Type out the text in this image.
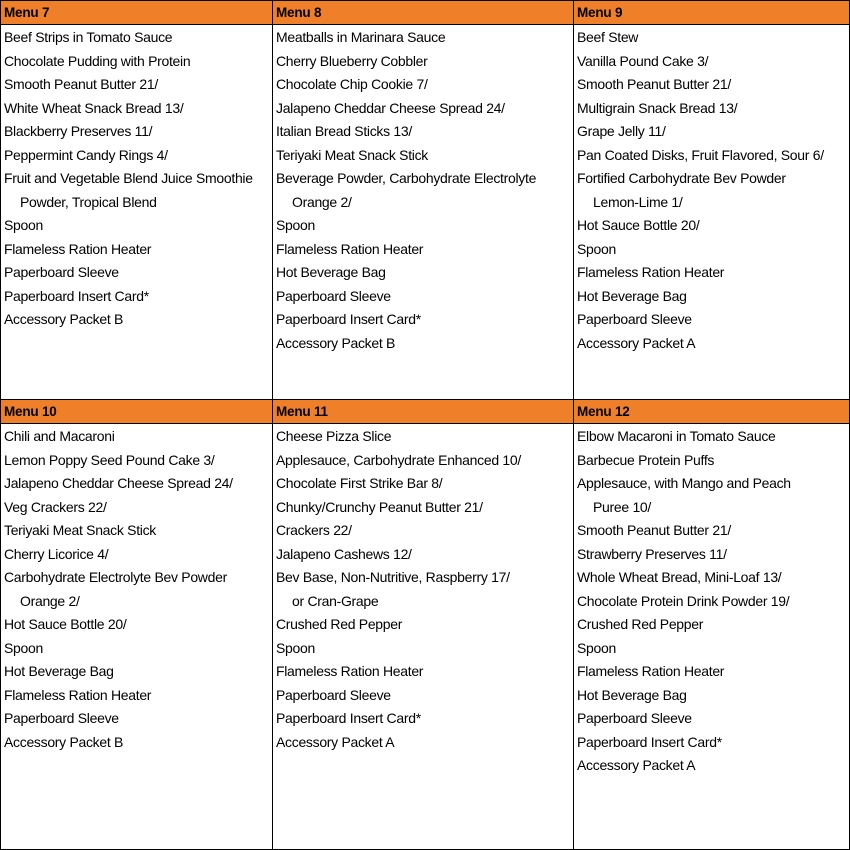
Menu 7
Beef Strips in Tomato Sauce
Chocolate Pudding with Protein
Smooth Peanut Butter 21/
White Wheat Snack Bread 13/
Blackberry Preserves 11/
Peppermint Candy Rings 4/
Fruit and Vegetable Blend Juice Smoothie
Powder, Tropical Blend
Spoon
Flameless Ration Heater
Paperboard Sleeve
Paperboard Insert Card*
Accessory Packet B
Menu 8
Meatballs in Marinara Sauce
Cherry Blueberry Cobbler
Chocolate Chip Cookie 7/
Jalapeno Cheddar Cheese Spread 24/
Italian Bread Sticks 13/
Teriyaki Meat Snack Stick
Beverage Powder, Carbohydrate Electrolyte
Orange 2/
Spoon
Flameless Ration Heater
Hot Beverage Bag
Paperboard Sleeve
Paperboard Insert Card*
Accessory Packet B
Menu 9
Beef Stew
Vanilla Pound Cake 3/
Smooth Peanut Butter 21/
Multigrain Snack Bread 13/
Grape Jelly 11/
Pan Coated Disks, Fruit Flavored, Sour 6/
Fortified Carbohydrate Bev Powder
Lemon-Lime 1/
Hot Sauce Bottle 20/
Spoon
Flameless Ration Heater
Hot Beverage Bag
Paperboard Sleeve
Accessory Packet A
Menu 10
Chili and Macaroni
Lemon Poppy Seed Pound Cake 3/
Jalapeno Cheddar Cheese Spread 24/
Veg Crackers 22/
Teriyaki Meat Snack Stick
Cherry Licorice 4/
Carbohydrate Electrolyte Bev Powder
Orange 2/
Hot Sauce Bottle 20/
Spoon
Hot Beverage Bag
Flameless Ration Heater
Paperboard Sleeve
Accessory Packet B
Menu 11
Cheese Pizza Slice
Applesauce, Carbohydrate Enhanced 10/
Chocolate First Strike Bar 8/
Chunky/Crunchy Peanut Butter 21/
Crackers 22/
Jalapeno Cashews 12/
Bev Base, Non-Nutritive, Raspberry 17/
or Cran-Grape
Crushed Red Pepper
Spoon
Flameless Ration Heater
Paperboard Sleeve
Paperboard Insert Card*
Accessory Packet A
Menu 12
Elbow Macaroni in Tomato Sauce
Barbecue Protein Puffs
Applesauce, with Mango and Peach
Puree 10/
Smooth Peanut Butter 21/
Strawberry Preserves 11/
Whole Wheat Bread, Mini-Loaf 13/
Chocolate Protein Drink Powder 19/
Crushed Red Pepper
Spoon
Flameless Ration Heater
Hot Beverage Bag
Paperboard Sleeve
Paperboard Insert Card*
Accessory Packet A
